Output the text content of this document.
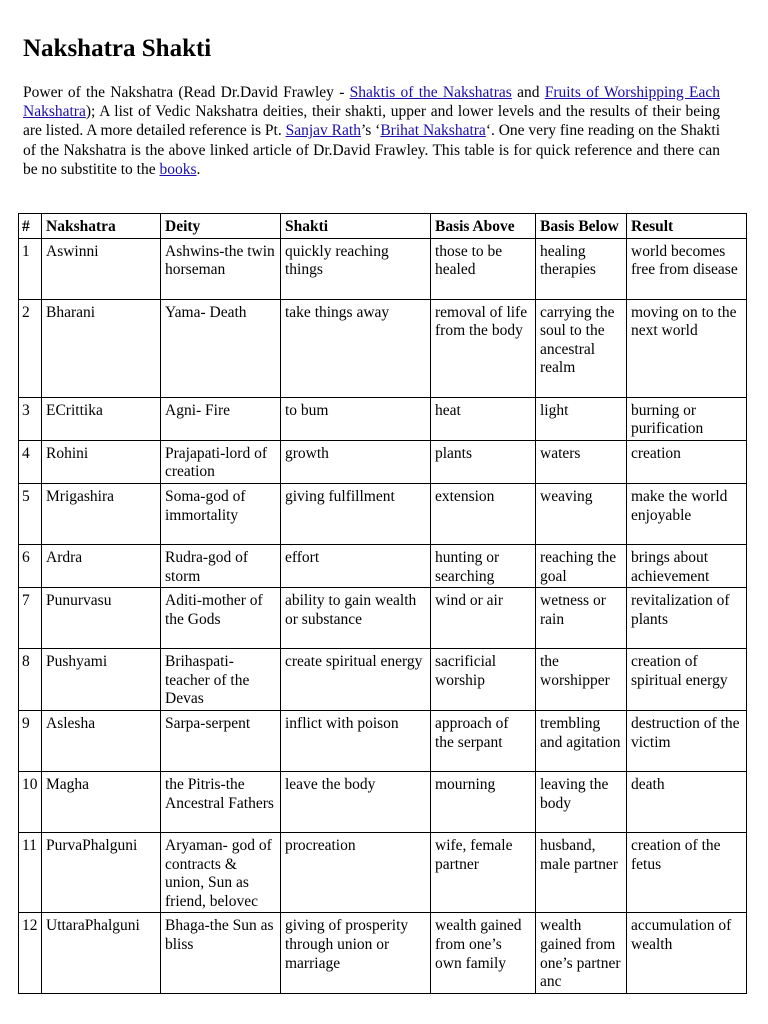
Nakshatra Shakti

Power of the Nakshatra (Read Dr.David Frawley - Shaktis of the Nakshatras and Fruits of Worshipping Each Nakshatra); A list of Vedic Nakshatra deities, their shakti, upper and lower levels and the results of their being are listed. A more detailed reference is Pt. Sanjav Rath’s ‘Brihat Nakshatra‘. One very fine reading on the Shakti of the Nakshatra is the above linked article of Dr.David Frawley. This table is for quick reference and there can be no substitite to the books.

#	Nakshatra	Deity	Shakti	Basis Above	Basis Below	Result
1	Aswinni	Ashwins-the twin horseman	quickly reaching things	those to be healed	healing therapies	world becomes free from disease
2	Bharani	Yama- Death	take things away	removal of life from the body	carrying the soul to the ancestral realm	moving on to the next world
3	ECrittika	Agni- Fire	to bum	heat	light	burning or purification
4	Rohini	Prajapati-lord of creation	growth	plants	waters	creation
5	Mrigashira	Soma-god of immortality	giving fulfillment	extension	weaving	make the world enjoyable
6	Ardra	Rudra-god of storm	effort	hunting or searching	reaching the goal	brings about achievement
7	Punurvasu	Aditi-mother of the Gods	ability to gain wealth or substance	wind or air	wetness or rain	revitalization of plants
8	Pushyami	Brihaspati-teacher of the Devas	create spiritual energy	sacrificial worship	the worshipper	creation of spiritual energy
9	Aslesha	Sarpa-serpent	inflict with poison	approach of the serpant	trembling and agitation	destruction of the victim
10	Magha	the Pitris-the Ancestral Fathers	leave the body	mourning	leaving the body	death
11	PurvaPhalguni	Aryaman- god of contracts & union, Sun as friend, belovec	procreation	wife, female partner	husband, male partner	creation of the fetus
12	UttaraPhalguni	Bhaga-the Sun as bliss	giving of prosperity through union or marriage	wealth gained from one’s own family	wealth gained from one’s partner anc	accumulation of wealth
